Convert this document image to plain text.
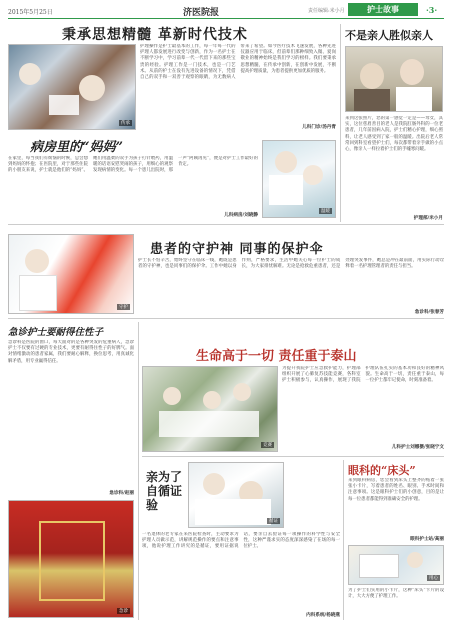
2015年5月25日	济医院报	责任编辑:米小月	护士故事	·3·
秉承思想精髓 革新时代技术
传承
护理操作是护士最基本的工作，每一年每一代的护理人都发展进行改变与创新，作为一名护士在不断学习中，学习前辈一代一代留下来的那些宝贵的经验。护理工作是一门技术，也是一门艺术。从前的护士在没有先进设备的情况下，凭借自己的双手和一双善于观察的眼睛，为无数病人带来了希望。如今医疗技术飞速发展，各种先进仪器应用于临床，但前辈们那种细致入微、爱岗敬业的精神始终是我们学习的榜样。我们要秉承思想精髓，在传承中创新，在创新中发展，不断提高护理质量，为患者提供更加优质的服务。
儿科门诊/汤丹青
不是亲人胜似亲人
来到这张照片，您的第一感觉一定是——母女，其实，这位慈眉善目的老人是我院肛肠外科的一位老患者，几年前因病入院，护士们精心护理，细心照料，让老人感受到了家一般的温暖。出院后老人常常回到科室看望护士们，每次都带着亲手做的小点心，像亲人一样拉着护士们的手嘘寒问暖。
护理部/米小月
病房里的“妈妈”
在家里，每当我们有烦恼的时候，总会想到妈妈的怀抱；在医院里，对于那些住院的小朋友来说，护士就是他们的“妈妈”。她们用温柔的双手为孩子打针喂药，用温暖的话语安慰哭闹的孩子，用细心的观察发现病情的变化。每一个患儿出院时，那一声“阿姨再见”，便是对护士工作最好的肯定。
儿科病房/刘晓静
温暖
守护
患者的守护神 同事的保护伞
护士长不怕辛苦，始终坚守在临床一线，她既是患者的守护神，也是同事们的保护伞。工作中她以身作则，严格要求，生活中她关心每一位护士的成长，为大家排忧解难。无论是抢救危重患者，还是处理突发事件，她总是冲在最前面，用实际行动诠释着一名护理管理者的责任与担当。
急诊科/张春芳
急诊护士要耐得住性子
急诊科是医院的窗口，每天面对的是各种突发的危重病人，急诊护士不仅要有过硬的专业技术，更要有耐得住性子的好脾气。面对情绪激动的患者家属，我们要耐心解释，换位思考，用真诚化解矛盾，用专业赢得信任。
急诊科/赵丽
急诊
生命高于一切 责任重于泰山
竞赛
为提升我院护士应急救护能力，护理部组织开展了心肺复苏技能竞赛，各科室护士积极参与，认真操作，展现了我院护理队伍扎实的基本功和良好的精神风貌。生命高于一切，责任重于泰山，每一位护士都牢记使命，时刻准备着。
儿科护士刘娜摄/张晓宁文
亲为了自循证验
循证
一名退休的老专家在来医院检查时，主动要求为护理人员做示范，讲解规范操作的要点和注意事项，他说护理工作讲究的是循证，要用证据说话，要亲自去验证每一项操作的科学性与安全性，这种严谨求实的态度深深感染了在场的每一位护士。
内科系统/杨晓燕
眼科的“床头”
来到眼科病房，您会看到床头上整齐的贴着一张张小卡片，写着患者的姓名、眼别、手术时间和注意事项。这是眼科护士们的小创意，目的是让每一位患者都能得到准确安全的护理。
眼科护士站/高丽
用心
为了护士们实用的小卡片，这种“床头”卡片的设计，大大方便了护理工作。
